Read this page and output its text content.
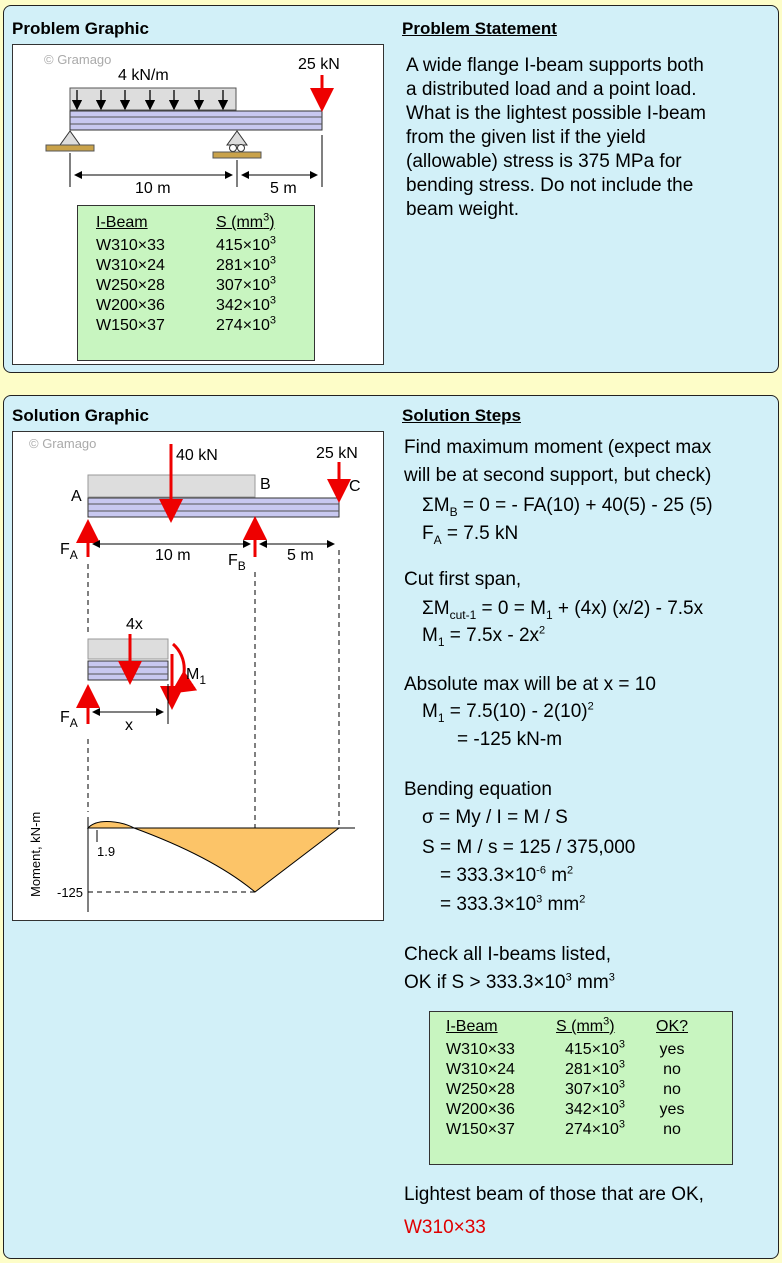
Problem Graphic	Problem Statement
© Gramago
4 kN/m
25 kN
10 m	5 m
I-Beam	S $(mm^3)$
W310×33	$415\times 10^3$
W310×24	$281\times 10^3$
W250×28	$307\times 10^3$
W200×36	$342\times 10^3$
W150×37	$274\times 10^3$
A wide flange I-beam supports both
a distributed load and a point load.
What is the lightest possible I-beam
from the given list if the yield
(allowable) stress is 375 MPa for
bending stress. Do not include the
beam weight.
Solution Graphic	Solution Steps
© Gramago
40 kN	25 kN
A
B	C
$F_A$	$F_B$
10 m	5 m
4x
$M_1$
$F_A$	x
1.9
-125
Moment, kN-m
Find maximum moment (expect max
will be at second support, but check)
$\Sigma M_B = 0$ = - FA(10) + 40(5) - 25 (5)
$F_A = 7.5$ kN
Cut first span,
$\Sigma M_{cut-1} = 0 = M_1 + (4x)$ (x/2) - 7.5x
$M_1 = 7.5x - 2x^2$
Absolute max will be at x = 10
$M_1 = 7.5(10) - 2(10)^2$
= -125 kN-m
Bending equation
σ = My / I = M / S
S = M / s = 125 / 375,000
= $333.3\times 10^{-6}$ $m^2$
= $333.3\times 10^3$ $mm^2$
Check all I-beams listed,
OK if $S > 333.3\times 10^3$ $mm^3$
I-Beam	S $(mm^3)$	OK?
W310×33	$415\times 10^3$	yes
W310×24	$281\times 10^3$	no
W250×28	$307\times 10^3$	no
W200×36	$342\times 10^3$	yes
W150×37	$274\times 10^3$	no
Lightest beam of those that are OK,
W310×33
